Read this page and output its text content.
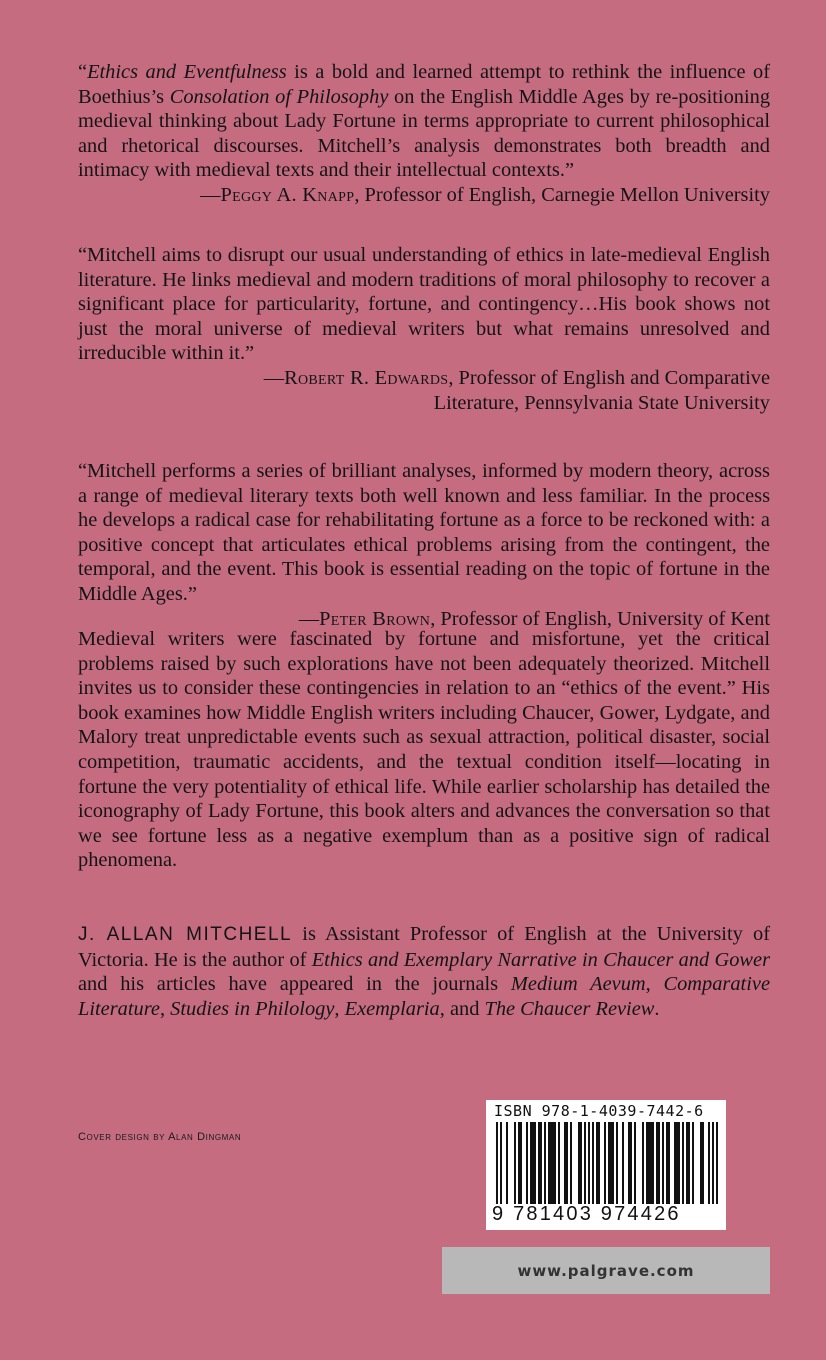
“Ethics and Eventfulness is a bold and learned attempt to rethink the influence of Boethius’s Consolation of Philosophy on the English Middle Ages by re-positioning medieval thinking about Lady Fortune in terms appropriate to current philosophical and rhetorical discourses. Mitchell’s analysis demonstrates both breadth and intimacy with medieval texts and their intellectual contexts.”

—Peggy A. Knapp, Professor of English, Carnegie Mellon University

“Mitchell aims to disrupt our usual understanding of ethics in late-medieval English literature. He links medieval and modern traditions of moral philosophy to recover a significant place for particularity, fortune, and contingency…His book shows not just the moral universe of medieval writers but what remains unresolved and irreducible within it.”

—Robert R. Edwards, Professor of English and Comparative
Literature, Pennsylvania State University

“Mitchell performs a series of brilliant analyses, informed by modern theory, across a range of medieval literary texts both well known and less familiar. In the process he develops a radical case for rehabilitating fortune as a force to be reckoned with: a positive concept that articulates ethical problems arising from the contingent, the temporal, and the event. This book is essential reading on the topic of fortune in the Middle Ages.”

—Peter Brown, Professor of English, University of Kent

Medieval writers were fascinated by fortune and misfortune, yet the critical problems raised by such explorations have not been adequately theorized. Mitchell invites us to consider these contingencies in relation to an “ethics of the event.” His book examines how Middle English writers including Chaucer, Gower, Lydgate, and Malory treat unpredictable events such as sexual attraction, political disaster, social competition, traumatic accidents, and the textual condition itself—locating in fortune the very potentiality of ethical life. While earlier scholarship has detailed the iconography of Lady Fortune, this book alters and advances the conversation so that we see fortune less as a negative exemplum than as a positive sign of radical phenomena.

J. ALLAN MITCHELL is Assistant Professor of English at the University of Victoria. He is the author of Ethics and Exemplary Narrative in Chaucer and Gower and his articles have appeared in the journals Medium Aevum, Comparative Literature, Studies in Philology, Exemplaria, and The Chaucer Review.

Cover design by Alan Dingman
ISBN 978-1-4039-7442-6
9 781403 974426
www.palgrave.com
